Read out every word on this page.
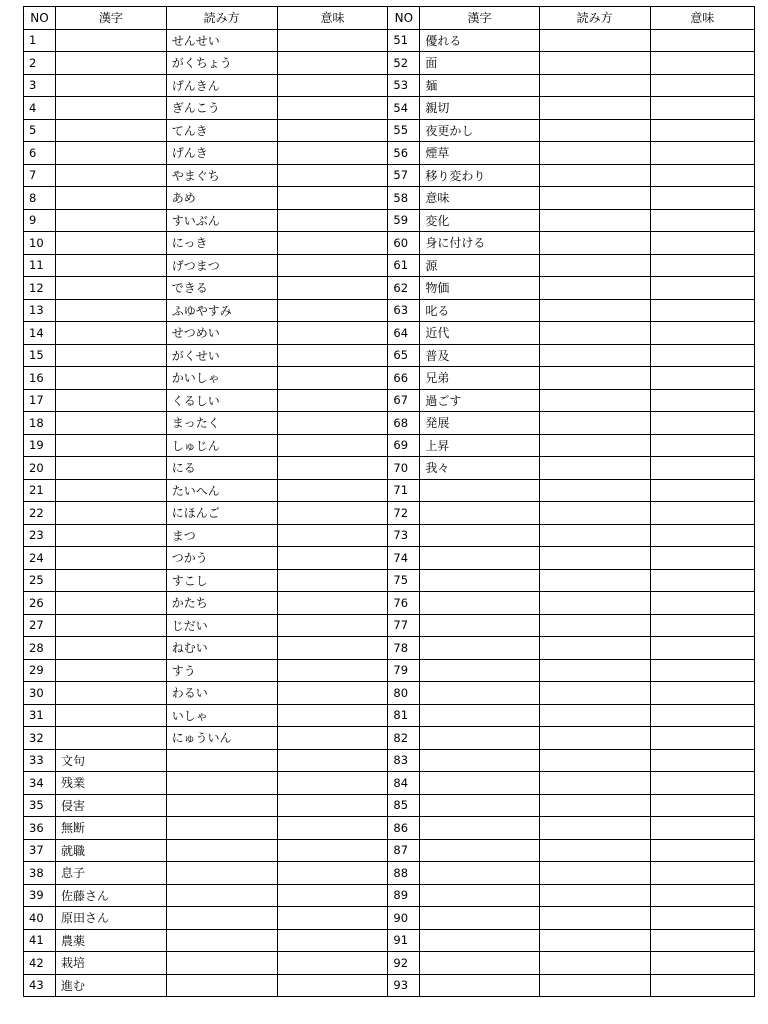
NO	漢字	読み方	意味	NO	漢字	読み方	意味
1		せんせい		51	優れる		
2		がくちょう		52	面		
3		げんきん		53	麺		
4		ぎんこう		54	親切		
5		てんき		55	夜更かし		
6		げんき		56	煙草		
7		やまぐち		57	移り変わり		
8		あめ		58	意味		
9		すいぶん		59	変化		
10		にっき		60	身に付ける		
11		げつまつ		61	源		
12		できる		62	物価		
13		ふゆやすみ		63	叱る		
14		せつめい		64	近代		
15		がくせい		65	普及		
16		かいしゃ		66	兄弟		
17		くるしい		67	過ごす		
18		まったく		68	発展		
19		しゅじん		69	上昇		
20		にる		70	我々		
21		たいへん		71			
22		にほんご		72			
23		まつ		73			
24		つかう		74			
25		すこし		75			
26		かたち		76			
27		じだい		77			
28		ねむい		78			
29		すう		79			
30		わるい		80			
31		いしゃ		81			
32		にゅういん		82			
33	文句			83			
34	残業			84			
35	侵害			85			
36	無断			86			
37	就職			87			
38	息子			88			
39	佐藤さん			89			
40	原田さん			90			
41	農薬			91			
42	栽培			92			
43	進む			93			
